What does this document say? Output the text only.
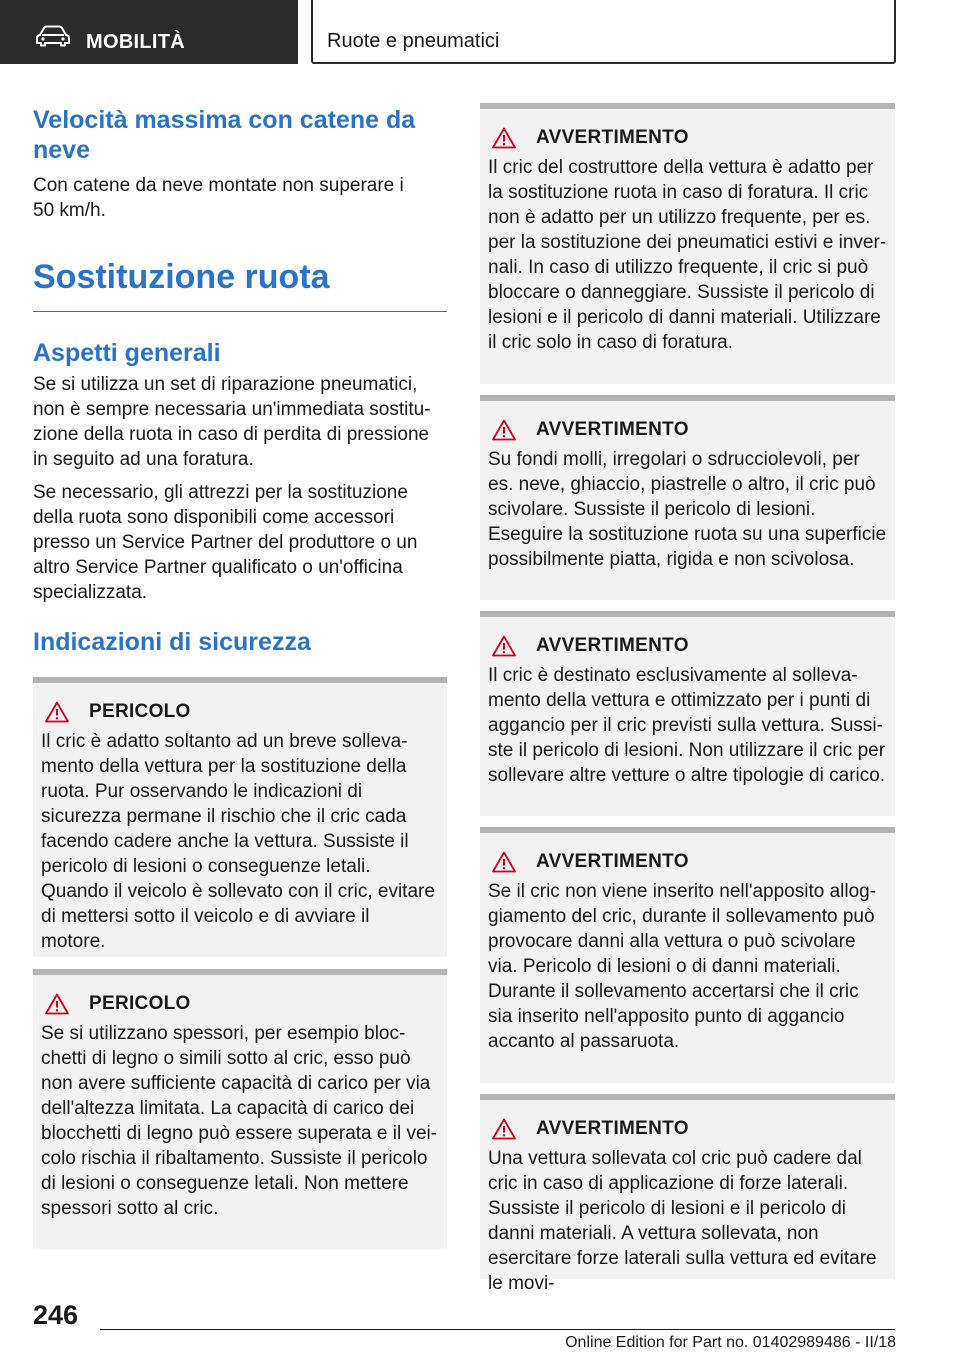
MOBILITÀ	Ruote e pneumatici
Velocità massima con catene da neve
Con catene da neve montate non superare i 50 km/h.
Sostituzione ruota
Aspetti generali
Se si utilizza un set di riparazione pneumatici, non è sempre necessaria un'immediata sostituzione della ruota in caso di perdita di pressione in seguito ad una foratura.
Se necessario, gli attrezzi per la sostituzione della ruota sono disponibili come accessori presso un Service Partner del produttore o un altro Service Partner qualificato o un'officina specializzata.
Indicazioni di sicurezza
PERICOLO
Il cric è adatto soltanto ad un breve sollevamento della vettura per la sostituzione della ruota. Pur osservando le indicazioni di sicurezza permane il rischio che il cric cada facendo cadere anche la vettura. Sussiste il pericolo di lesioni o conseguenze letali. Quando il veicolo è sollevato con il cric, evitare di mettersi sotto il veicolo e di avviare il motore.
PERICOLO
Se si utilizzano spessori, per esempio blocchetti di legno o simili sotto al cric, esso può non avere sufficiente capacità di carico per via dell'altezza limitata. La capacità di carico dei blocchetti di legno può essere superata e il veicolo rischia il ribaltamento. Sussiste il pericolo di lesioni o conseguenze letali. Non mettere spessori sotto al cric.
AVVERTIMENTO
Il cric del costruttore della vettura è adatto per la sostituzione ruota in caso di foratura. Il cric non è adatto per un utilizzo frequente, per es. per la sostituzione dei pneumatici estivi e invernali. In caso di utilizzo frequente, il cric si può bloccare o danneggiare. Sussiste il pericolo di lesioni e il pericolo di danni materiali. Utilizzare il cric solo in caso di foratura.
AVVERTIMENTO
Su fondi molli, irregolari o sdrucciolevoli, per es. neve, ghiaccio, piastrelle o altro, il cric può scivolare. Sussiste il pericolo di lesioni. Eseguire la sostituzione ruota su una superficie possibilmente piatta, rigida e non scivolosa.
AVVERTIMENTO
Il cric è destinato esclusivamente al sollevamento della vettura e ottimizzato per i punti di aggancio per il cric previsti sulla vettura. Sussiste il pericolo di lesioni. Non utilizzare il cric per sollevare altre vetture o altre tipologie di carico.
AVVERTIMENTO
Se il cric non viene inserito nell'apposito alloggiamento del cric, durante il sollevamento può provocare danni alla vettura o può scivolare via. Pericolo di lesioni o di danni materiali. Durante il sollevamento accertarsi che il cric sia inserito nell'apposito punto di aggancio accanto al passaruota.
AVVERTIMENTO
Una vettura sollevata col cric può cadere dal cric in caso di applicazione di forze laterali. Sussiste il pericolo di lesioni e il pericolo di danni materiali. A vettura sollevata, non esercitare forze laterali sulla vettura ed evitare le movi-
246
Online Edition for Part no. 01402989486 - II/18
